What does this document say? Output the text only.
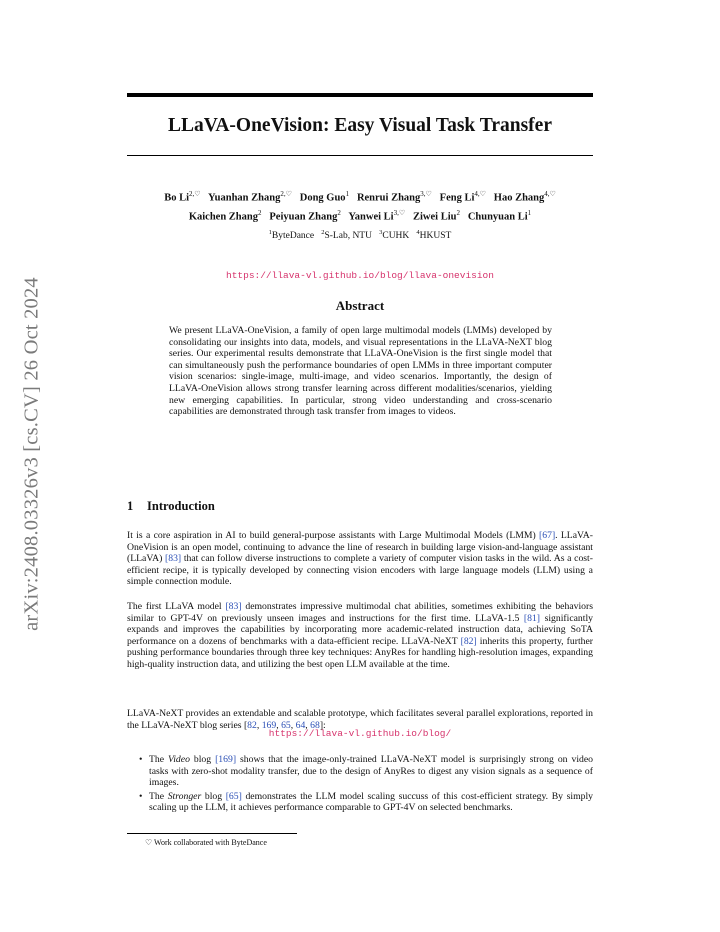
arXiv:2408.03326v3 [cs.CV] 26 Oct 2024
LLaVA-OneVision: Easy Visual Task Transfer
Bo $Li^{2,♡}$ Yuanhan Zhang$^{2,♡}$ Dong Guo$^1$ Renrui Zhang$^{3,♡}$ Feng $Li^{4,♡}$ Hao Zhang$^{4,♡}$
Kaichen Zhang$^2$ Peiyuan Zhang$^2$ Yanwei $Li^{3,♡}$ Ziwei Liu$^2$ Chunyuan Li$^1$
$^1$ByteDance $^2$S-Lab, NTU $^3$CUHK $^4$HKUST
https://llava-vl.github.io/blog/llava-onevision
Abstract
We present LLaVA-OneVision, a family of open large multimodal models (LMMs) developed by consolidating our insights into data, models, and visual representations in the LLaVA-NeXT blog series. Our experimental results demonstrate that LLaVA-OneVision is the first single model that can simultaneously push the performance boundaries of open LMMs in three important computer vision scenarios: single-image, multi-image, and video scenarios. Importantly, the design of LLaVA-OneVision allows strong transfer learning across different modalities/scenarios, yielding new emerging capabilities. In particular, strong video understanding and cross-scenario capabilities are demonstrated through task transfer from images to videos.
1 Introduction
It is a core aspiration in AI to build general-purpose assistants with Large Multimodal Models (LMM) [67]. LLaVA-OneVision is an open model, continuing to advance the line of research in building large vision-and-language assistant (LLaVA) [83] that can follow diverse instructions to complete a variety of computer vision tasks in the wild. As a cost-efficient recipe, it is typically developed by connecting vision encoders with large language models (LLM) using a simple connection module.
The first LLaVA model [83] demonstrates impressive multimodal chat abilities, sometimes exhibiting the behaviors similar to GPT-4V on previously unseen images and instructions for the first time. LLaVA-1.5 [81] significantly expands and improves the capabilities by incorporating more academic-related instruction data, achieving SoTA performance on a dozens of benchmarks with a data-efficient recipe. LLaVA-NeXT [82] inherits this property, further pushing performance boundaries through three key techniques: AnyRes for handling high-resolution images, expanding high-quality instruction data, and utilizing the best open LLM available at the time.
LLaVA-NeXT provides an extendable and scalable prototype, which facilitates several parallel explorations, reported in the LLaVA-NeXT blog series [82, 169, 65, 64, 68]:
https://llava-vl.github.io/blog/
• The Video blog [169] shows that the image-only-trained LLaVA-NeXT model is surprisingly strong on video tasks with zero-shot modality transfer, due to the design of AnyRes to digest any vision signals as a sequence of images.
• The Stronger blog [65] demonstrates the LLM model scaling succuss of this cost-efficient strategy. By simply scaling up the LLM, it achieves performance comparable to GPT-4V on selected benchmarks.
♡ Work collaborated with ByteDance
